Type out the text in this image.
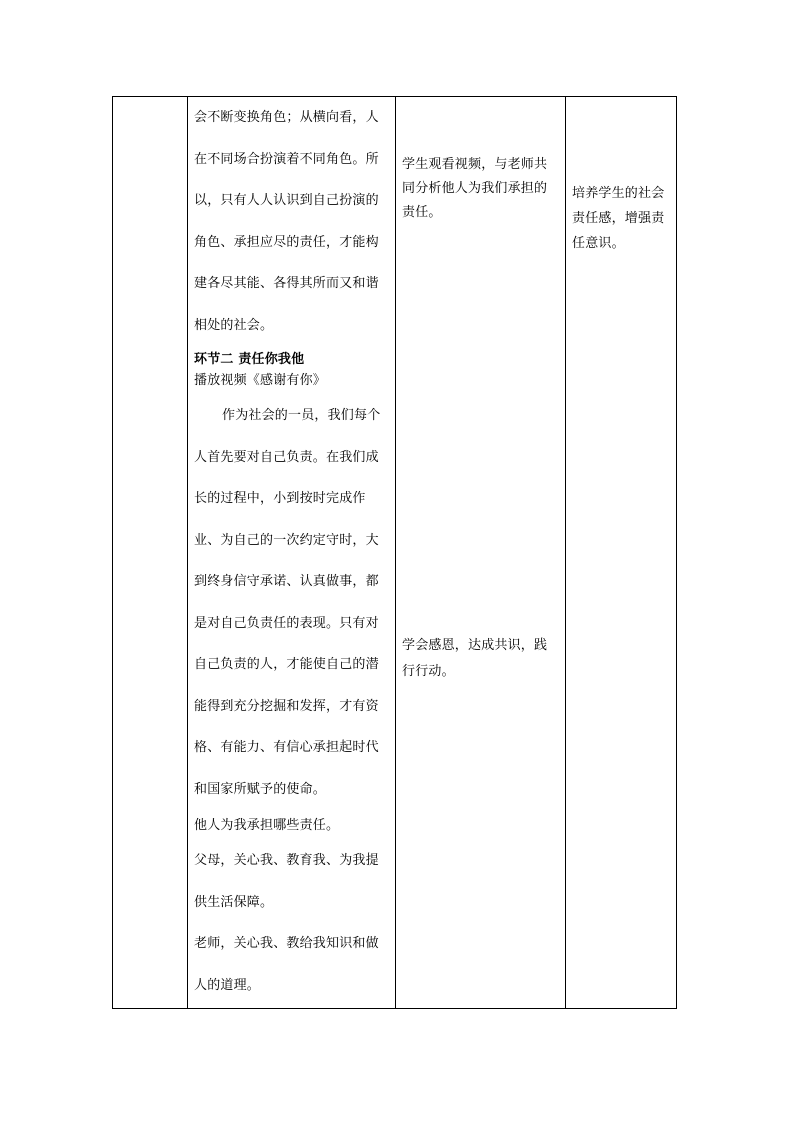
会不断变换角色；从横向看，人在不同场合扮演着不同角色。所以，只有人人认识到自己扮演的角色、承担应尽的责任，才能构建各尽其能、各得其所而又和谐相处的社会。
环节二 责任你我他
播放视频《感谢有你》
作为社会的一员，我们每个人首先要对自己负责。在我们成长的过程中，小到按时完成作业、为自己的一次约定守时，大到终身信守承诺、认真做事，都是对自己负责任的表现。只有对自己负责的人，才能使自己的潜能得到充分挖掘和发挥，才有资格、有能力、有信心承担起时代和国家所赋予的使命。
他人为我承担哪些责任。
父母，关心我、教育我、为我提供生活保障。
老师，关心我、教给我知识和做人的道理。
学生观看视频，与老师共同分析他人为我们承担的责任。
学会感恩，达成共识，践行行动。
培养学生的社会责任感，增强责任意识。
